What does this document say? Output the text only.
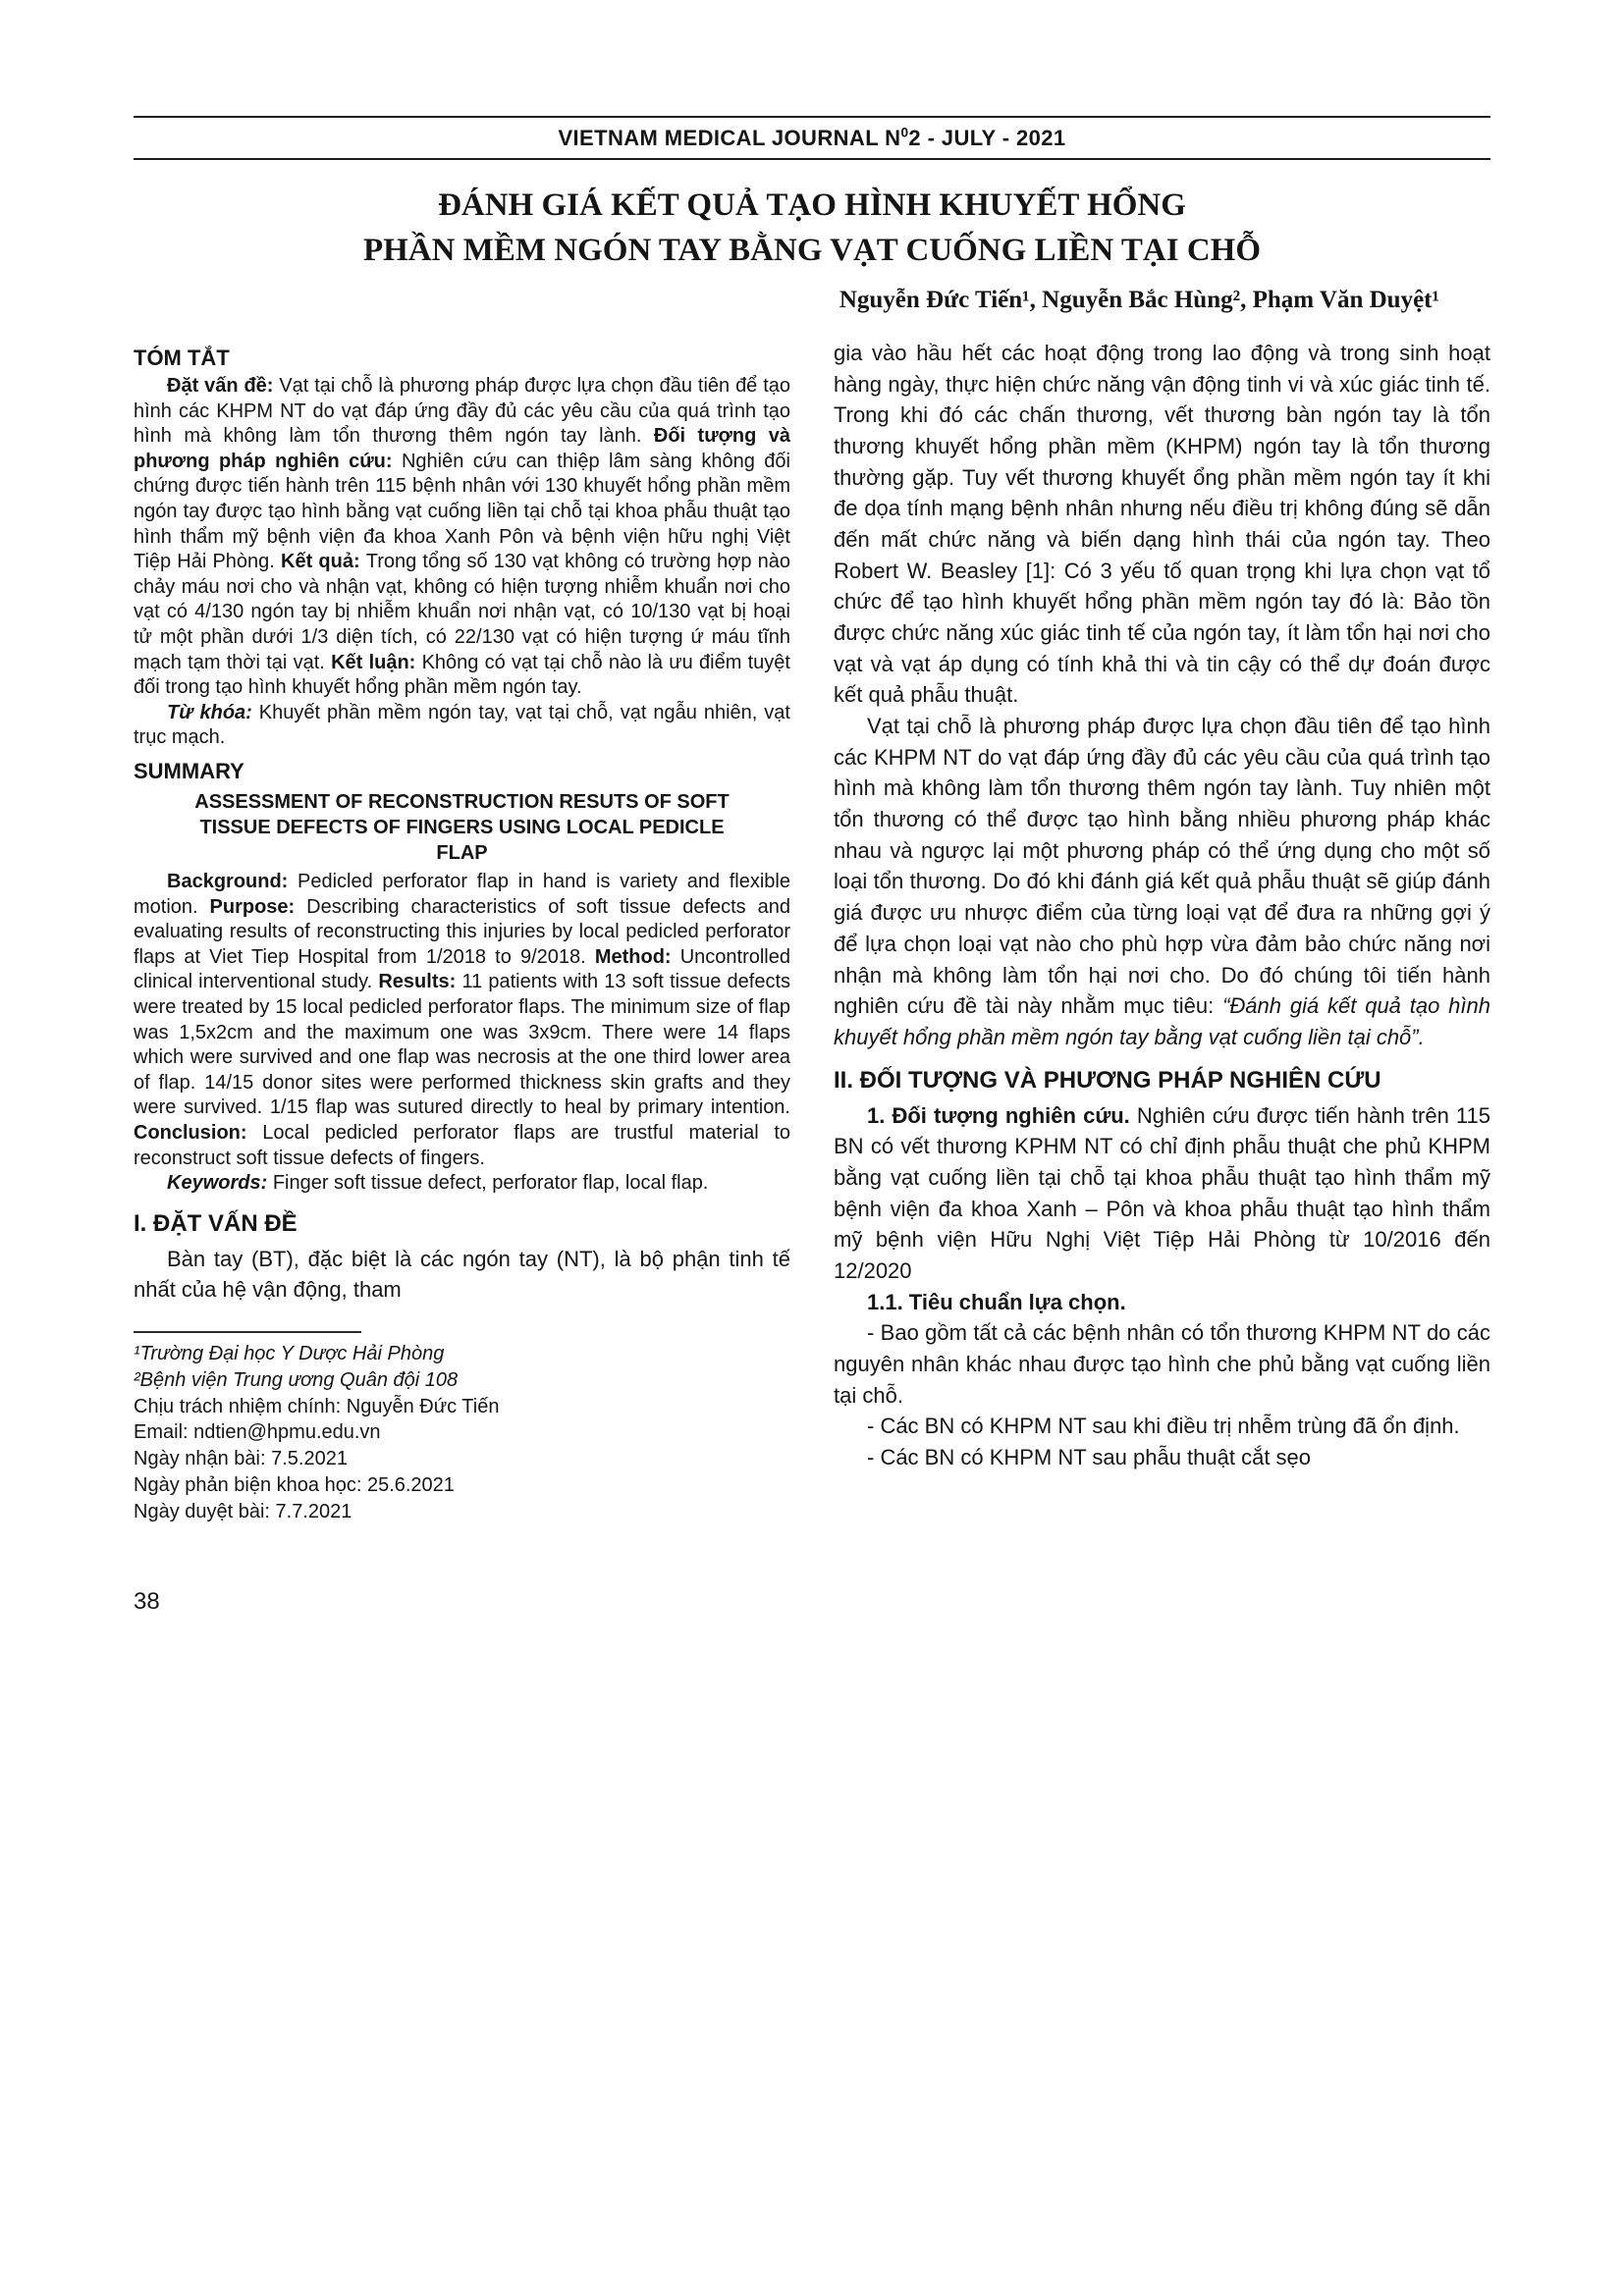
VIETNAM MEDICAL JOURNAL $N^02$ - JULY - 2021
ĐÁNH GIÁ KẾT QUẢ TẠO HÌNH KHUYẾT HỔNG
PHẦN MỀM NGÓN TAY BẰNG VẠT CUỐNG LIỀN TẠI CHỖ
Nguyễn Đức Tiến¹, Nguyễn Bắc Hùng², Phạm Văn Duyệt¹
TÓM TẮT

Đặt vấn đề: Vạt tại chỗ là phương pháp được lựa chọn đầu tiên để tạo hình các KHPM NT do vạt đáp ứng đầy đủ các yêu cầu của quá trình tạo hình mà không làm tổn thương thêm ngón tay lành. Đối tượng và phương pháp nghiên cứu: Nghiên cứu can thiệp lâm sàng không đối chứng được tiến hành trên 115 bệnh nhân với 130 khuyết hổng phần mềm ngón tay được tạo hình bằng vạt cuống liền tại chỗ tại khoa phẫu thuật tạo hình thẩm mỹ bệnh viện đa khoa Xanh Pôn và bệnh viện hữu nghị Việt Tiệp Hải Phòng. Kết quả: Trong tổng số 130 vạt không có trường hợp nào chảy máu nơi cho và nhận vạt, không có hiện tượng nhiễm khuẩn nơi cho vạt có 4/130 ngón tay bị nhiễm khuẩn nơi nhận vạt, có 10/130 vạt bị hoại tử một phần dưới 1/3 diện tích, có 22/130 vạt có hiện tượng ứ máu tĩnh mạch tạm thời tại vạt. Kết luận: Không có vạt tại chỗ nào là ưu điểm tuyệt đối trong tạo hình khuyết hổng phần mềm ngón tay.

Từ khóa: Khuyết phần mềm ngón tay, vạt tại chỗ, vạt ngẫu nhiên, vạt trục mạch.

SUMMARY
ASSESSMENT OF RECONSTRUCTION RESUTS OF SOFT TISSUE DEFECTS OF FINGERS USING LOCAL PEDICLE FLAP

Background: Pedicled perforator flap in hand is variety and flexible motion. Purpose: Describing characteristics of soft tissue defects and evaluating results of reconstructing this injuries by local pedicled perforator flaps at Viet Tiep Hospital from 1/2018 to 9/2018. Method: Uncontrolled clinical interventional study. Results: 11 patients with 13 soft tissue defects were treated by 15 local pedicled perforator flaps. The minimum size of flap was 1,5x2cm and the maximum one was 3x9cm. There were 14 flaps which were survived and one flap was necrosis at the one third lower area of flap. 14/15 donor sites were performed thickness skin grafts and they were survived. 1/15 flap was sutured directly to heal by primary intention. Conclusion: Local pedicled perforator flaps are trustful material to reconstruct soft tissue defects of fingers.

Keywords: Finger soft tissue defect, perforator flap, local flap.

I. ĐẶT VẤN ĐỀ

Bàn tay (BT), đặc biệt là các ngón tay (NT), là bộ phận tinh tế nhất của hệ vận động, tham

¹Trường Đại học Y Dược Hải Phòng
²Bệnh viện Trung ương Quân đội 108
Chịu trách nhiệm chính: Nguyễn Đức Tiến
Email: ndtien@hpmu.edu.vn
Ngày nhận bài: 7.5.2021
Ngày phản biện khoa học: 25.6.2021
Ngày duyệt bài: 7.7.2021

gia vào hầu hết các hoạt động trong lao động và trong sinh hoạt hàng ngày, thực hiện chức năng vận động tinh vi và xúc giác tinh tế. Trong khi đó các chấn thương, vết thương bàn ngón tay là tổn thương khuyết hổng phần mềm (KHPM) ngón tay là tổn thương thường gặp. Tuy vết thương khuyết ổng phần mềm ngón tay ít khi đe dọa tính mạng bệnh nhân nhưng nếu điều trị không đúng sẽ dẫn đến mất chức năng và biến dạng hình thái của ngón tay. Theo Robert W. Beasley [1]: Có 3 yếu tố quan trọng khi lựa chọn vạt tổ chức để tạo hình khuyết hổng phần mềm ngón tay đó là: Bảo tồn được chức năng xúc giác tinh tế của ngón tay, ít làm tổn hại nơi cho vạt và vạt áp dụng có tính khả thi và tin cậy có thể dự đoán được kết quả phẫu thuật.

Vạt tại chỗ là phương pháp được lựa chọn đầu tiên để tạo hình các KHPM NT do vạt đáp ứng đầy đủ các yêu cầu của quá trình tạo hình mà không làm tổn thương thêm ngón tay lành. Tuy nhiên một tổn thương có thể được tạo hình bằng nhiều phương pháp khác nhau và ngược lại một phương pháp có thể ứng dụng cho một số loại tổn thương. Do đó khi đánh giá kết quả phẫu thuật sẽ giúp đánh giá được ưu nhược điểm của từng loại vạt để đưa ra những gợi ý để lựa chọn loại vạt nào cho phù hợp vừa đảm bảo chức năng nơi nhận mà không làm tổn hại nơi cho. Do đó chúng tôi tiến hành nghiên cứu đề tài này nhằm mục tiêu: “Đánh giá kết quả tạo hình khuyết hổng phần mềm ngón tay bằng vạt cuống liền tại chỗ”.

II. ĐỐI TƯỢNG VÀ PHƯƠNG PHÁP NGHIÊN CỨU

1. Đối tượng nghiên cứu. Nghiên cứu được tiến hành trên 115 BN có vết thương KPHM NT có chỉ định phẫu thuật che phủ KHPM bằng vạt cuống liền tại chỗ tại khoa phẫu thuật tạo hình thẩm mỹ bệnh viện đa khoa Xanh – Pôn và khoa phẫu thuật tạo hình thẩm mỹ bệnh viện Hữu Nghị Việt Tiệp Hải Phòng từ 10/2016 đến 12/2020

1.1. Tiêu chuẩn lựa chọn.

- Bao gồm tất cả các bệnh nhân có tổn thương KHPM NT do các nguyên nhân khác nhau được tạo hình che phủ bằng vạt cuống liền tại chỗ.

- Các BN có KHPM NT sau khi điều trị nhễm trùng đã ổn định.

- Các BN có KHPM NT sau phẫu thuật cắt sẹo

38
